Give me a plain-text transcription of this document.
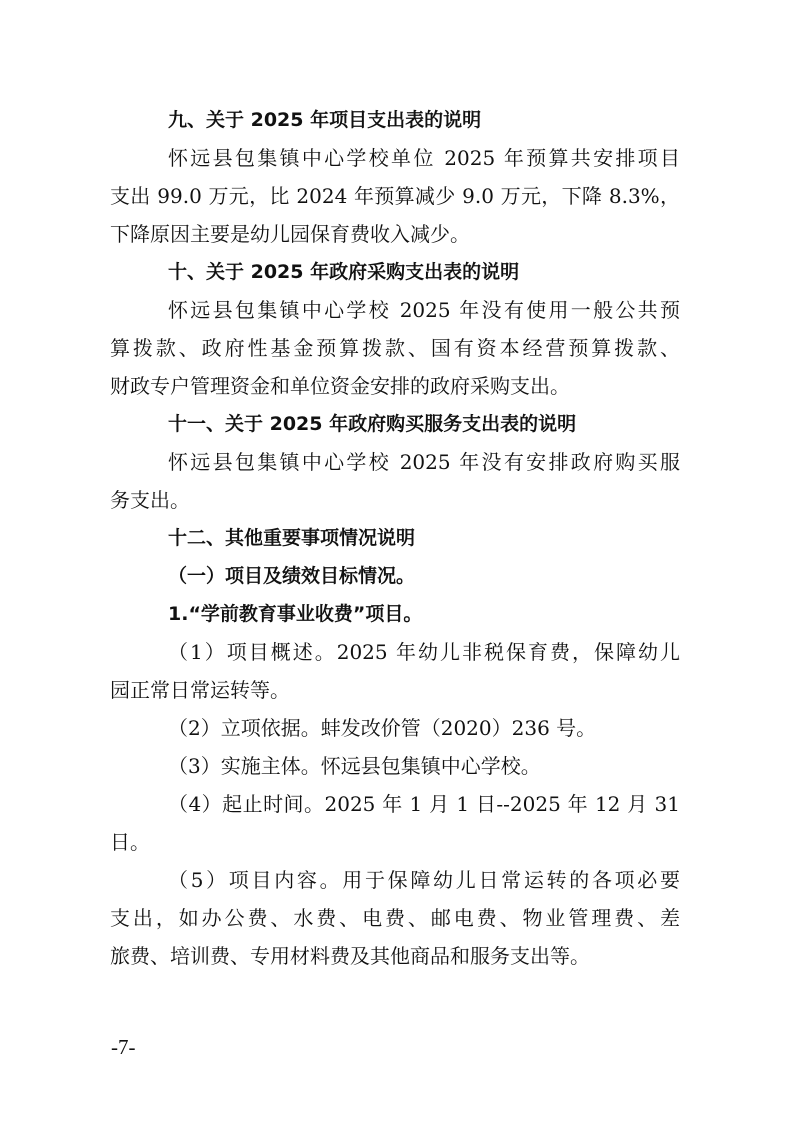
九、关于 2025 年项目支出表的说明
怀远县包集镇中心学校单位 2025 年预算共安排项目
支出 99.0 万元，比 2024 年预算减少 9.0 万元，下降 8.3%，
下降原因主要是幼儿园保育费收入减少。
十、关于 2025 年政府采购支出表的说明
怀远县包集镇中心学校 2025 年没有使用一般公共预
算拨款、政府性基金预算拨款、国有资本经营预算拨款、
财政专户管理资金和单位资金安排的政府采购支出。
十一、关于 2025 年政府购买服务支出表的说明
怀远县包集镇中心学校 2025 年没有安排政府购买服
务支出。
十二、其他重要事项情况说明
（一）项目及绩效目标情况。
1.“学前教育事业收费”项目。
（1）项目概述。2025 年幼儿非税保育费，保障幼儿
园正常日常运转等。
（2）立项依据。蚌发改价管（2020）236 号。
（3）实施主体。怀远县包集镇中心学校。
（4）起止时间。2025 年 1 月 1 日--2025 年 12 月 31
日。
（5）项目内容。用于保障幼儿日常运转的各项必要
支出，如办公费、水费、电费、邮电费、物业管理费、差
旅费、培训费、专用材料费及其他商品和服务支出等。
-7-
